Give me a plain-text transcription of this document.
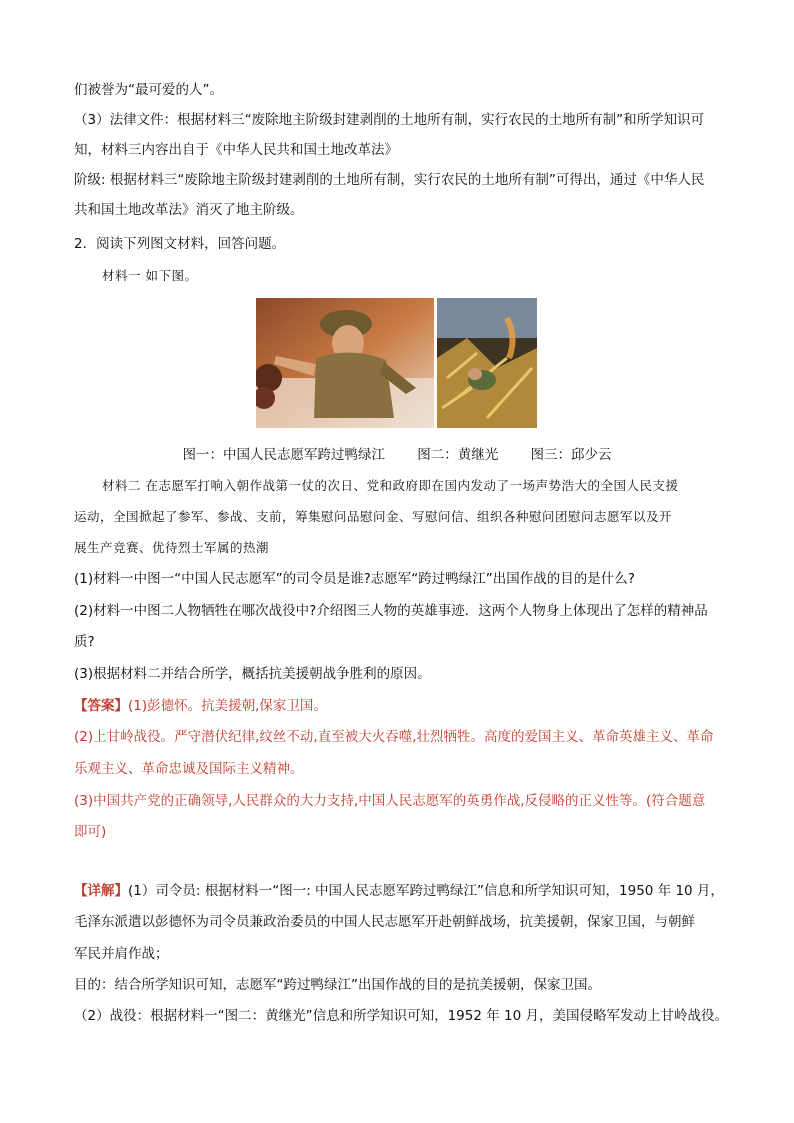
们被誉为“最可爱的人”。
（3）法律文件：根据材料三“废除地主阶级封建剥削的土地所有制，实行农民的土地所有制”和所学知识可
知，材料三内容出自于《中华人民共和国土地改革法》
阶级: 根据材料三“废除地主阶级封建剥削的土地所有制，实行农民的土地所有制”可得出，通过《中华人民
共和国土地改革法》消灭了地主阶级。
2．阅读下列图文材料，回答问题。
材料一 如下图。
图一：中国人民志愿军跨过鸭绿江 图二：黄继光 图三：邱少云
材料二 在志愿军打响入朝作战第一仗的次日、党和政府即在国内发动了一场声势浩大的全国人民支援
运动，全国掀起了参军、参战、支前，筹集慰问品慰问金、写慰问信、组织各种慰问团慰问志愿军以及开
展生产竞赛、优待烈士军属的热潮
(1)材料一中图一“中国人民志愿军”的司令员是谁?志愿军“跨过鸭绿江”出国作战的目的是什么?
(2)材料一中图二人物牺牲在哪次战役中?介绍图三人物的英雄事迹．这两个人物身上体现出了怎样的精神品
质?
(3)根据材料二并结合所学，概括抗美援朝战争胜利的原因。
【答案】(1)彭德怀。抗美援朝,保家卫国。
(2)上甘岭战役。严守潜伏纪律,纹丝不动,直至被大火吞噬,壮烈牺牲。高度的爱国主义、革命英雄主义、革命
乐观主义、革命忠诚及国际主义精神。
(3)中国共产党的正确领导,人民群众的大力支持,中国人民志愿军的英勇作战,反侵略的正义性等。(符合题意
即可)
【详解】(1）司令员: 根据材料一“图一: 中国人民志愿军跨过鸭绿江”信息和所学知识可知，1950 年 10 月，
毛泽东派遣以彭德怀为司令员兼政治委员的中国人民志愿军开赴朝鲜战场，抗美援朝，保家卫国，与朝鲜
军民并肩作战；
目的：结合所学知识可知，志愿军“跨过鸭绿江”出国作战的目的是抗美援朝，保家卫国。
（2）战役：根据材料一“图二：黄继光”信息和所学知识可知，1952 年 10 月，美国侵略军发动上甘岭战役。
